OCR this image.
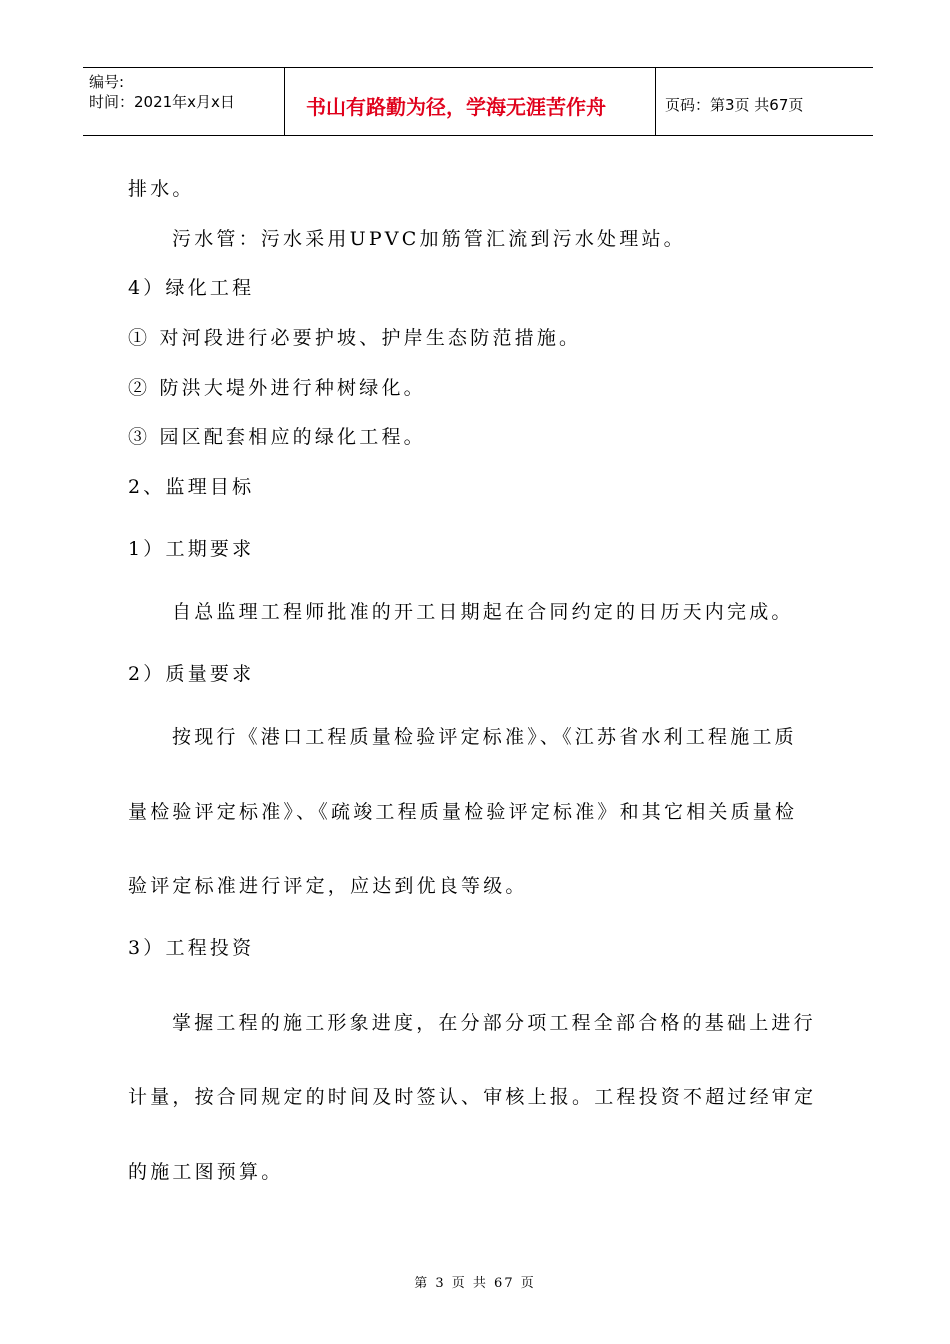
编号:
时间：2021年x月x日	书山有路勤为径，学海无涯苦作舟	页码：第3页 共67页
排水。
污水管：污水采用UPVC加筋管汇流到污水处理站。
4）绿化工程
① 对河段进行必要护坡、护岸生态防范措施。
② 防洪大堤外进行种树绿化。
③ 园区配套相应的绿化工程。
2、监理目标
1）工期要求
自总监理工程师批准的开工日期起在合同约定的日历天内完成。
2）质量要求
按现行《港口工程质量检验评定标准》、《江苏省水利工程施工质
量检验评定标准》、《疏竣工程质量检验评定标准》和其它相关质量检
验评定标准进行评定，应达到优良等级。
3）工程投资
掌握工程的施工形象进度，在分部分项工程全部合格的基础上进行
计量，按合同规定的时间及时签认、审核上报。工程投资不超过经审定
的施工图预算。
第 3 页 共 67 页
